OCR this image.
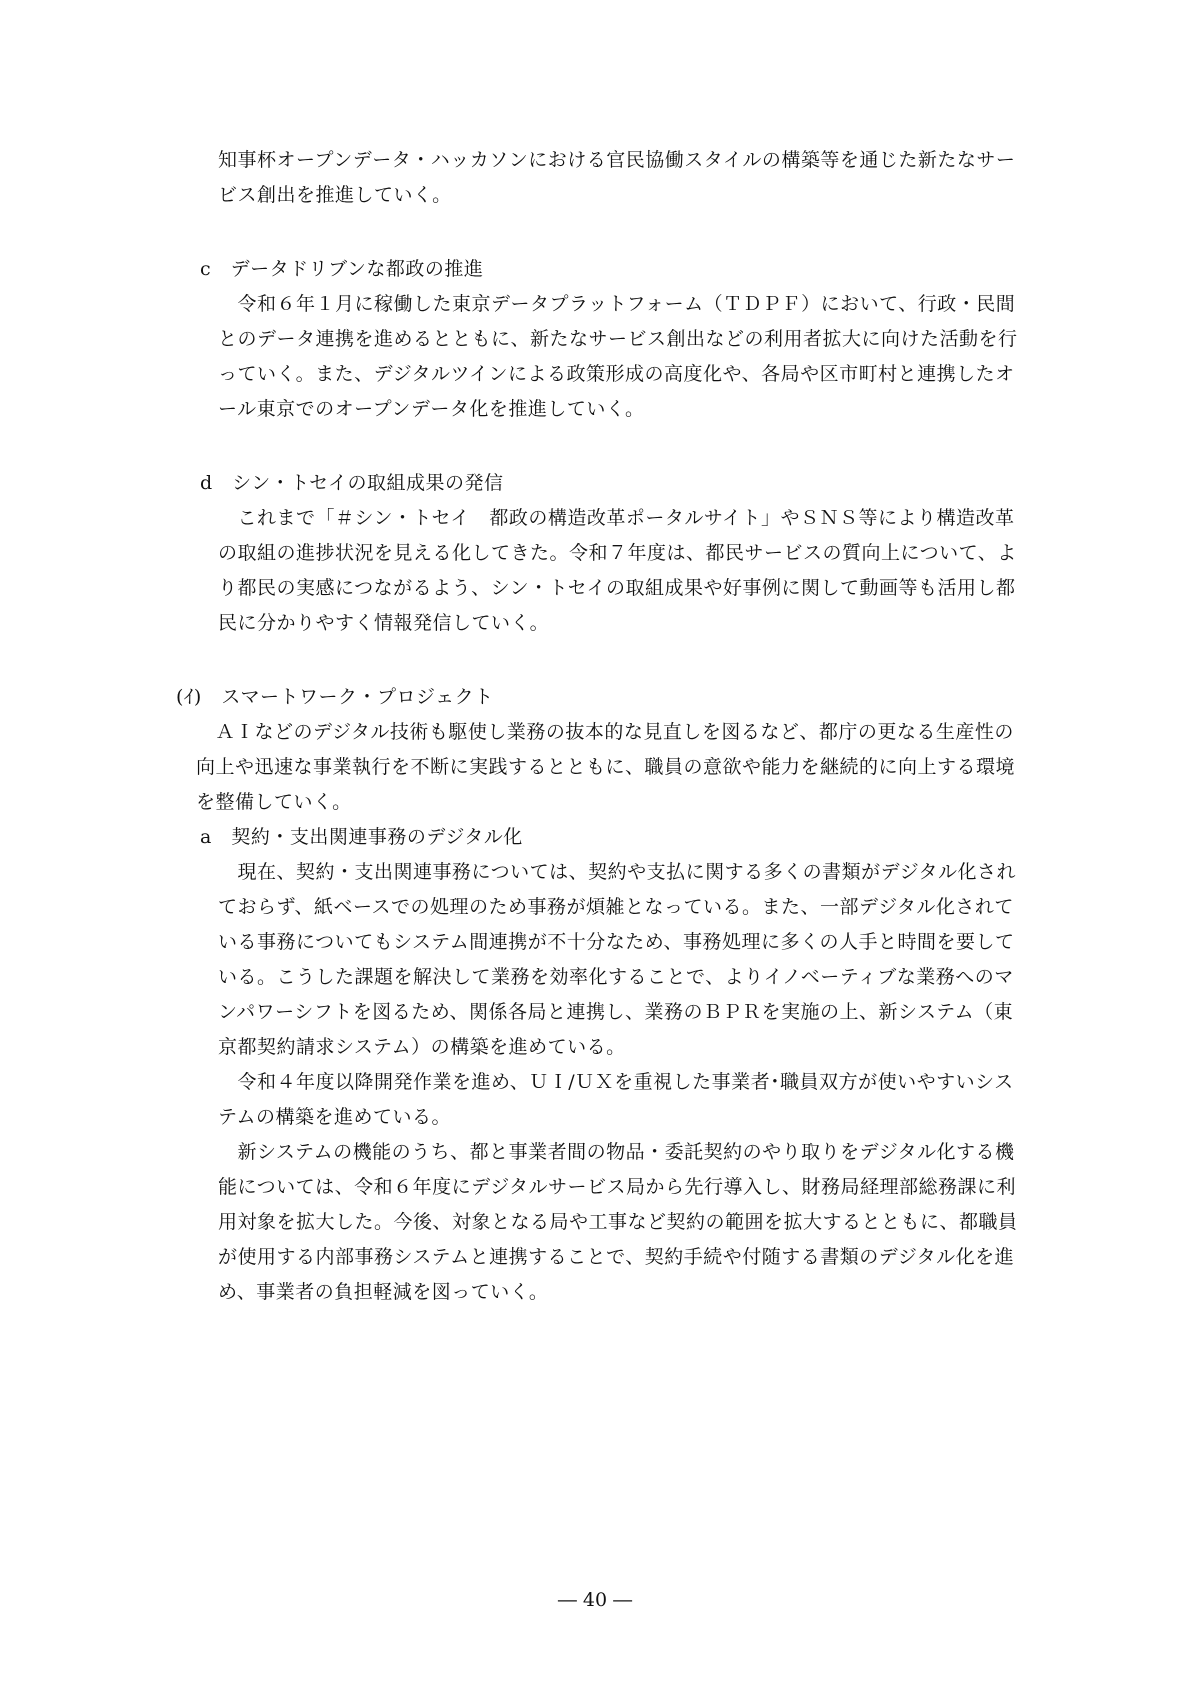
知事杯オープンデータ・ハッカソンにおける官民協働スタイルの構築等を通じた新たなサー
ビス創出を推進していく。
c　データドリブンな都政の推進
　令和６年１月に稼働した東京データプラットフォーム（ＴＤＰＦ）において、行政・民間
とのデータ連携を進めるとともに、新たなサービス創出などの利用者拡大に向けた活動を行
っていく。また、デジタルツインによる政策形成の高度化や、各局や区市町村と連携したオ
ール東京でのオープンデータ化を推進していく。
d　シン・トセイの取組成果の発信
　これまで「＃シン・トセイ　都政の構造改革ポータルサイト」やＳＮＳ等により構造改革
の取組の進捗状況を見える化してきた。令和７年度は、都民サービスの質向上について、よ
り都民の実感につながるよう、シン・トセイの取組成果や好事例に関して動画等も活用し都
民に分かりやすく情報発信していく。
(ｲ)　スマートワーク・プロジェクト
　ＡＩなどのデジタル技術も駆使し業務の抜本的な見直しを図るなど、都庁の更なる生産性の
向上や迅速な事業執行を不断に実践するとともに、職員の意欲や能力を継続的に向上する環境
を整備していく。
a　契約・支出関連事務のデジタル化
　現在、契約・支出関連事務については、契約や支払に関する多くの書類がデジタル化され
ておらず、紙ベースでの処理のため事務が煩雑となっている。また、一部デジタル化されて
いる事務についてもシステム間連携が不十分なため、事務処理に多くの人手と時間を要して
いる。こうした課題を解決して業務を効率化することで、よりイノベーティブな業務へのマ
ンパワーシフトを図るため、関係各局と連携し、業務のＢＰＲを実施の上、新システム（東
京都契約請求システム）の構築を進めている。
　令和４年度以降開発作業を進め、ＵＩ/ＵＸを重視した事業者･職員双方が使いやすいシス
テムの構築を進めている。
　新システムの機能のうち、都と事業者間の物品・委託契約のやり取りをデジタル化する機
能については、令和６年度にデジタルサービス局から先行導入し、財務局経理部総務課に利
用対象を拡大した。今後、対象となる局や工事など契約の範囲を拡大するとともに、都職員
が使用する内部事務システムと連携することで、契約手続や付随する書類のデジタル化を進
め、事業者の負担軽減を図っていく。
― 40 ―
